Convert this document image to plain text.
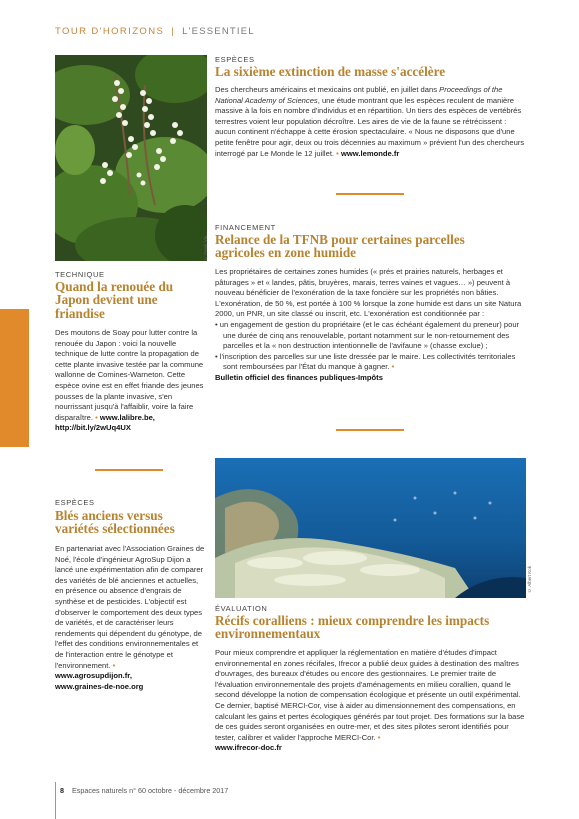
TOUR D'HORIZONS | L'ESSENTIEL
© Frank Vin...
ESPÈCES
La sixième extinction de masse s'accélère
Des chercheurs américains et mexicains ont publié, en juillet dans Proceedings of the National Academy of Sciences, une étude montrant que les espèces reculent de manière massive à la fois en nombre d'individus et en répartition. Un tiers des espèces de vertébrés terrestres voient leur population décroître. Les aires de vie de la faune se rétrécissent : aucun continent n'échappe à cette érosion spectaculaire. « Nous ne disposons que d'une petite fenêtre pour agir, deux ou trois décennies au maximum » prévient l'un des chercheurs interrogé par Le Monde le 12 juillet. • www.lemonde.fr
FINANCEMENT
Relance de la TFNB pour certaines parcelles agricoles en zone humide
Les propriétaires de certaines zones humides (« prés et prairies naturels, herbages et pâturages » et « landes, pâtis, bruyères, marais, terres vaines et vagues… ») peuvent à nouveau bénéficier de l'exonération de la taxe foncière sur les propriétés non bâties. L'exonération, de 50 %, est portée à 100 % lorsque la zone humide est dans un site Natura 2000, un PNR, un site classé ou inscrit, etc. L'exonération est conditionnée par :
• un engagement de gestion du propriétaire (et le cas échéant également du preneur) pour une durée de cinq ans renouvelable, portant notamment sur le non-retournement des parcelles et la « non destruction intentionnelle de l'avifaune » (chasse exclue) ;
• l'inscription des parcelles sur une liste dressée par le maire. Les collectivités territoriales sont remboursées par l'État du manque à gagner. •
Bulletin officiel des finances publiques-Impôts
TECHNIQUE
Quand la renouée du Japon devient une friandise
Des moutons de Soay pour lutter contre la renouée du Japon : voici la nouvelle technique de lutte contre la propagation de cette plante invasive testée par la commune wallonne de Comines-Warneton. Cette espèce ovine est en effet friande des jeunes pousses de la plante invasive, s'en nourrissant jusqu'à l'affaiblir, voire la faire disparaître. • www.lalibre.be, http://bit.ly/2wUq4UX
© Albert Kok
ESPÈCES
Blés anciens versus variétés sélectionnées
En partenariat avec l'Association Graines de Noé, l'école d'ingénieur AgroSup Dijon a lancé une expérimentation afin de comparer des variétés de blé anciennes et actuelles, en présence ou absence d'engrais de synthèse et de pesticides. L'objectif est d'observer le comportement des deux types de variétés, et de caractériser leurs rendements qui dépendent du génotype, de l'effet des conditions environnementales et de l'interaction entre le génotype et l'environnement. •
www.agrosupdijon.fr,
www.graines-de-noe.org
ÉVALUATION
Récifs coralliens : mieux comprendre les impacts environnementaux
Pour mieux comprendre et appliquer la réglementation en matière d'études d'impact environnemental en zones récifales, Ifrecor a publié deux guides à destination des maîtres d'ouvrages, des bureaux d'études ou encore des gestionnaires. Le premier traite de l'évaluation environnementale des projets d'aménagements en milieu corallien, quand le second développe la notion de compensation écologique et présente un outil expérimental. Ce dernier, baptisé MERCI-Cor, vise à aider au dimensionnement des compensations, en calculant les gains et pertes écologiques générés par tout projet. Des formations sur la base de ces guides seront organisées en outre-mer, et des sites pilotes seront identifiés pour tester, calibrer et valider l'approche MERCI-Cor. •
www.ifrecor-doc.fr
8 Espaces naturels n° 60 octobre - décembre 2017
